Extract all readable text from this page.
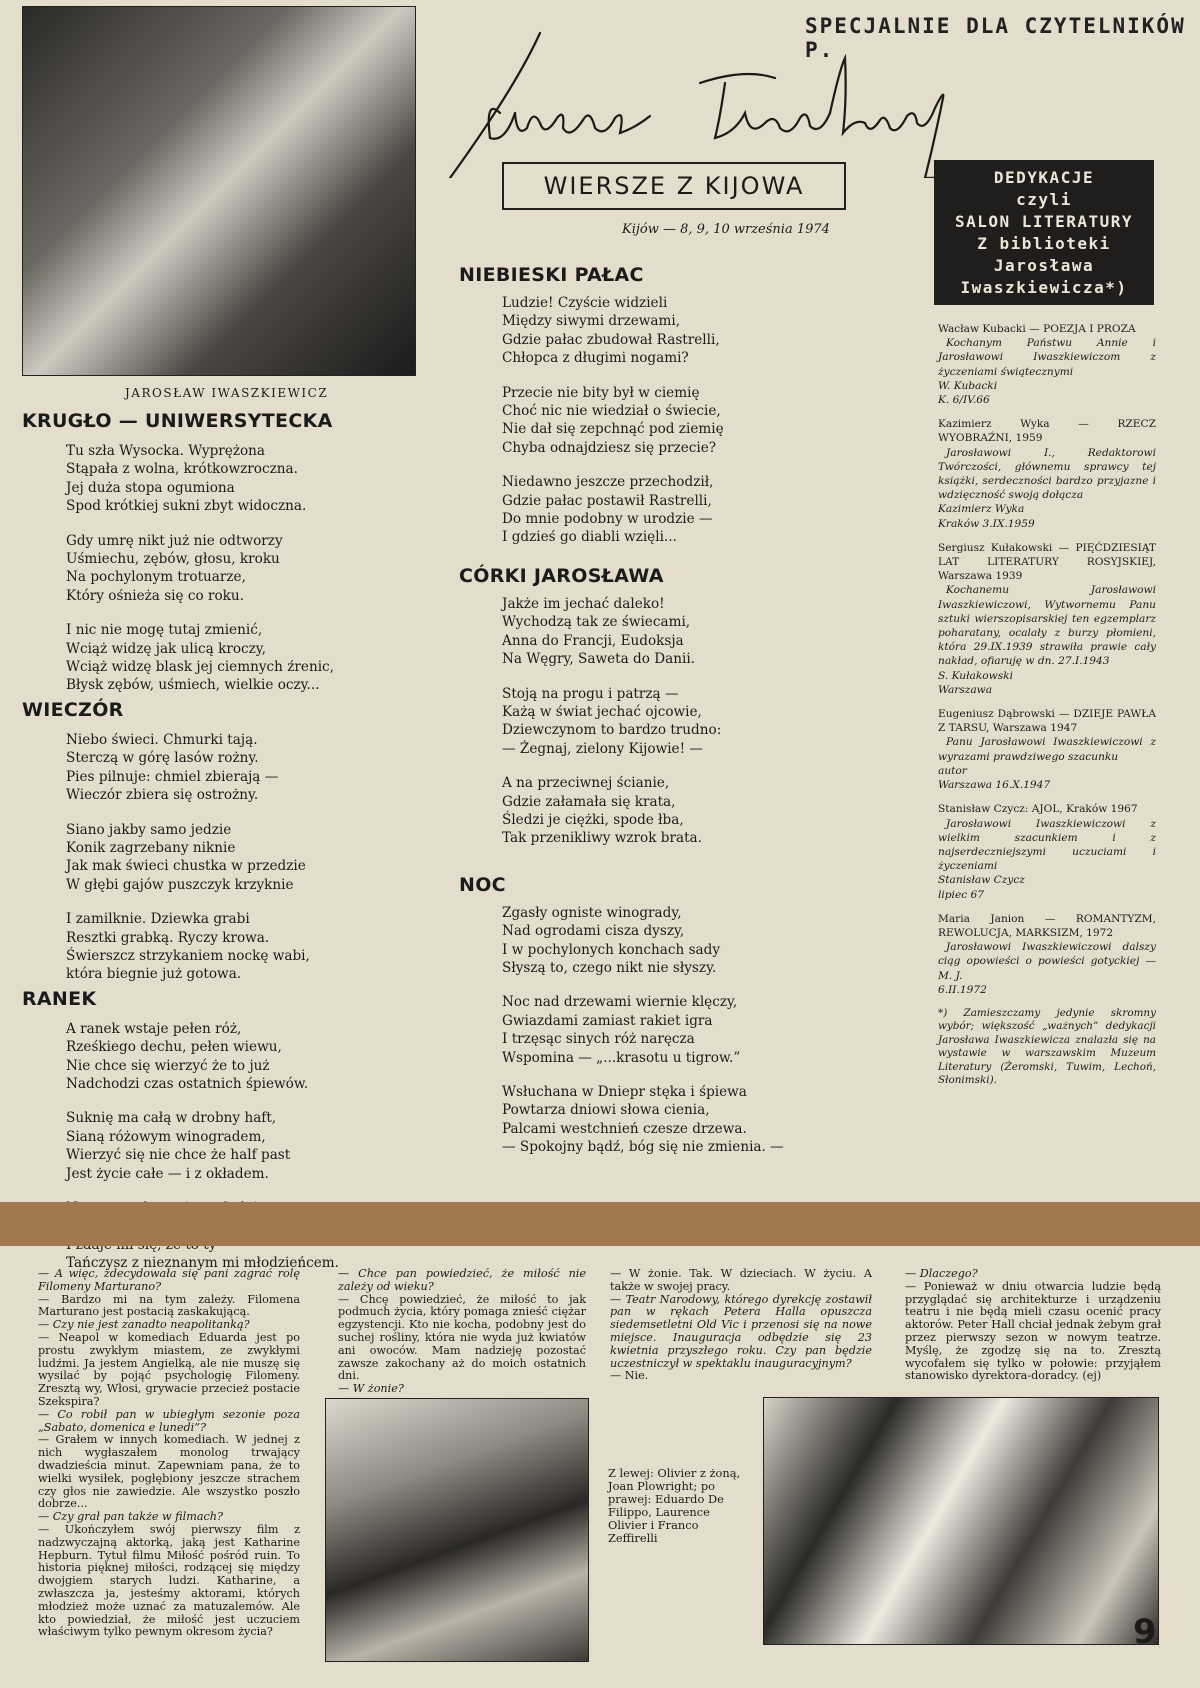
SPECJALNIE DLA CZYTELNIKÓW P.
JAROSŁAW IWASZKIEWICZ
KRUGŁO — UNIWERSYTECKA
Tu szła Wysocka. Wyprężona
Stąpała z wolna, krótkowzroczna.
Jej duża stopa ogumiona
Spod krótkiej sukni zbyt widoczna.
Gdy umrę nikt już nie odtworzy
Uśmiechu, zębów, głosu, kroku
Na pochylonym trotuarze,
Który ośnieża się co roku.
I nic nie mogę tutaj zmienić,
Wciąż widzę jak ulicą kroczy,
Wciąż widzę blask jej ciemnych źrenic,
Błysk zębów, uśmiech, wielkie oczy...
WIECZÓR
Niebo świeci. Chmurki tają.
Sterczą w górę lasów rożny.
Pies pilnuje: chmiel zbierają —
Wieczór zbiera się ostrożny.
Siano jakby samo jedzie
Konik zagrzebany niknie
Jak mak świeci chustka w przedzie
W głębi gajów puszczyk krzyknie
I zamilknie. Dziewka grabi
Resztki grabką. Ryczy krowa.
Świerszcz strzykaniem nockę wabi,
która biegnie już gotowa.
RANEK
A ranek wstaje pełen róż,
Rześkiego dechu, pełen wiewu,
Nie chce się wierzyć że to już
Nadchodzi czas ostatnich śpiewów.
Suknię ma całą w drobny haft,
Sianą różowym winogradem,
Wierzyć się nie chce że half past
Jest życie całe — i z okładem.
Tańczysz z nieznanym mi młodzieńcem.
WIERSZE Z KIJOWA
Kijów — 8, 9, 10 września 1974
NIEBIESKI PAŁAC
Ludzie! Czyście widzieli
Między siwymi drzewami,
Gdzie pałac zbudował Rastrelli,
Chłopca z długimi nogami?
Przecie nie bity był w ciemię
Choć nic nie wiedział o świecie,
Nie dał się zepchnąć pod ziemię
Chyba odnajdziesz się przecie?
Niedawno jeszcze przechodził,
Gdzie pałac postawił Rastrelli,
Do mnie podobny w urodzie —
I gdzieś go diabli wzięli...
CÓRKI JAROSŁAWA
Jakże im jechać daleko!
Wychodzą tak ze świecami,
Anna do Francji, Eudoksja
Na Węgry, Saweta do Danii.
Stoją na progu i patrzą —
Każą w świat jechać ojcowie,
Dziewczynom to bardzo trudno:
— Żegnaj, zielony Kijowie! —
A na przeciwnej ścianie,
Gdzie załamała się krata,
Śledzi je ciężki, spode łba,
Tak przenikliwy wzrok brata.
NOC
Zgasły ogniste winogrady,
Nad ogrodami cisza dyszy,
I w pochylonych konchach sady
Słyszą to, czego nikt nie słyszy.
Noc nad drzewami wiernie klęczy,
Gwiazdami zamiast rakiet igra
I trzęsąc sinych róż naręcza
Wspomina — „...krasotu u tigrow.”
Wsłuchana w Dniepr stęka i śpiewa
Powtarza dniowi słowa cienia,
Palcami westchnień czesze drzewa.
— Spokojny bądź, bóg się nie zmienia. —
DEDYKACJE
czyli
SALON LITERATURY
Z biblioteki Jarosława
Iwaszkiewicza*)

Wacław Kubacki — POEZJA I PROZA
Kochanym Państwu Annie i Jarosławowi Iwaszkiewiczom z życzeniami świątecznymi
W. Kubacki
K. 6/IV.66

Kazimierz Wyka — RZECZ WYOBRAŹNI, 1959
Jarosławowi I., Redaktorowi Twórczości, głównemu sprawcy tej książki, serdeczności bardzo przyjazne i wdzięczność swoją dołącza
Kazimierz Wyka
Kraków 3.IX.1959

Sergiusz Kułakowski — PIĘĆDZIESIĄT LAT LITERATURY ROSYJSKIEJ, Warszawa 1939
Kochanemu Jarosławowi Iwaszkiewiczowi, Wytwornemu Panu sztuki wierszopisarskiej ten egzemplarz poharatany, ocalały z burzy płomieni, która 29.IX.1939 strawiła prawie cały nakład, ofiaruję w dn. 27.I.1943
S. Kułakowski
Warszawa

Eugeniusz Dąbrowski — DZIEJE PAWŁA Z TARSU, Warszawa 1947
Panu Jarosławowi Iwaszkiewiczowi z wyrazami prawdziwego szacunku
autor
Warszawa 16.X.1947

Stanisław Czycz: AJOL, Kraków 1967
Jarosławowi Iwaszkiewiczowi z wielkim szacunkiem i z najserdeczniejszymi uczuciami i życzeniami
Stanisław Czycz
lipiec 67

Maria Janion — ROMANTYZM, REWOLUCJA, MARKSIZM, 1972
Jarosławowi Iwaszkiewiczowi dalszy ciąg opowieści o powieści gotyckiej — M. J.
6.II.1972

*) Zamieszczamy jedynie skromny wybór; większość „ważnych” dedykacji Jarosława Iwaszkiewicza znalazła się na wystawie w warszawskim Muzeum Literatury (Żeromski, Tuwim, Lechoń, Słonimski).

— A więc, zdecydowała się pani zagrać rolę Filomeny Marturano?

— Bardzo mi na tym zależy. Filomena Marturano jest postacią zaskakującą.

— Czy nie jest zanadto neapolitanką?

— Neapol w komediach Eduarda jest po prostu zwykłym miastem, ze zwykłymi ludźmi. Ja jestem Angielką, ale nie muszę się wysilać by pojąć psychologię Filomeny. Zresztą wy, Włosi, grywacie przecież postacie Szekspira?

— Co robił pan w ubiegłym sezonie poza „Sabato, domenica e lunedi”?

— Grałem w innych komediach. W jednej z nich wygłaszałem monolog trwający dwadzieścia minut. Zapewniam pana, że to wielki wysiłek, pogłębiony jeszcze strachem czy głos nie zawiedzie. Ale wszystko poszło dobrze...

— Czy grał pan także w filmach?

— Ukończyłem swój pierwszy film z nadzwyczajną aktorką, jaką jest Katharine Hepburn. Tytuł filmu Miłość pośród ruin. To historia pięknej miłości, rodzącej się między dwojgiem starych ludzi. Katharine, a zwłaszcza ja, jesteśmy aktorami, których młodzież może uznać za matuzalemów. Ale kto powiedział, że miłość jest uczuciem właściwym tylko pewnym okresom życia?

— Chce pan powiedzieć, że miłość nie zależy od wieku?

— Chcę powiedzieć, że miłość to jak podmuch życia, który pomaga znieść ciężar egzystencji. Kto nie kocha, podobny jest do suchej rośliny, która nie wyda już kwiatów ani owoców. Mam nadzieję pozostać zawsze zakochany aż do moich ostatnich dni.

— W żonie?

— W żonie. Tak. W dzieciach. W życiu. A także w swojej pracy.

— Teatr Narodowy, którego dyrekcję zostawił pan w rękach Petera Halla opuszcza siedemsetletni Old Vic i przenosi się na nowe miejsce. Inauguracja odbędzie się 23 kwietnia przyszłego roku. Czy pan będzie uczestniczył w spektaklu inauguracyjnym?

— Nie.

— Dlaczego?

— Ponieważ w dniu otwarcia ludzie będą przyglądać się architekturze i urządzeniu teatru i nie będą mieli czasu ocenić pracy aktorów. Peter Hall chciał jednak żebym grał przez pierwszy sezon w nowym teatrze. Myślę, że zgodzę się na to. Zresztą wycofałem się tylko w połowie: przyjąłem stanowisko dyrektora-doradcy. (ej)

Z lewej: Olivier z żoną, Joan Plowright; po prawej: Eduardo De Filippo, Laurence Olivier i Franco Zeffirelli
9
